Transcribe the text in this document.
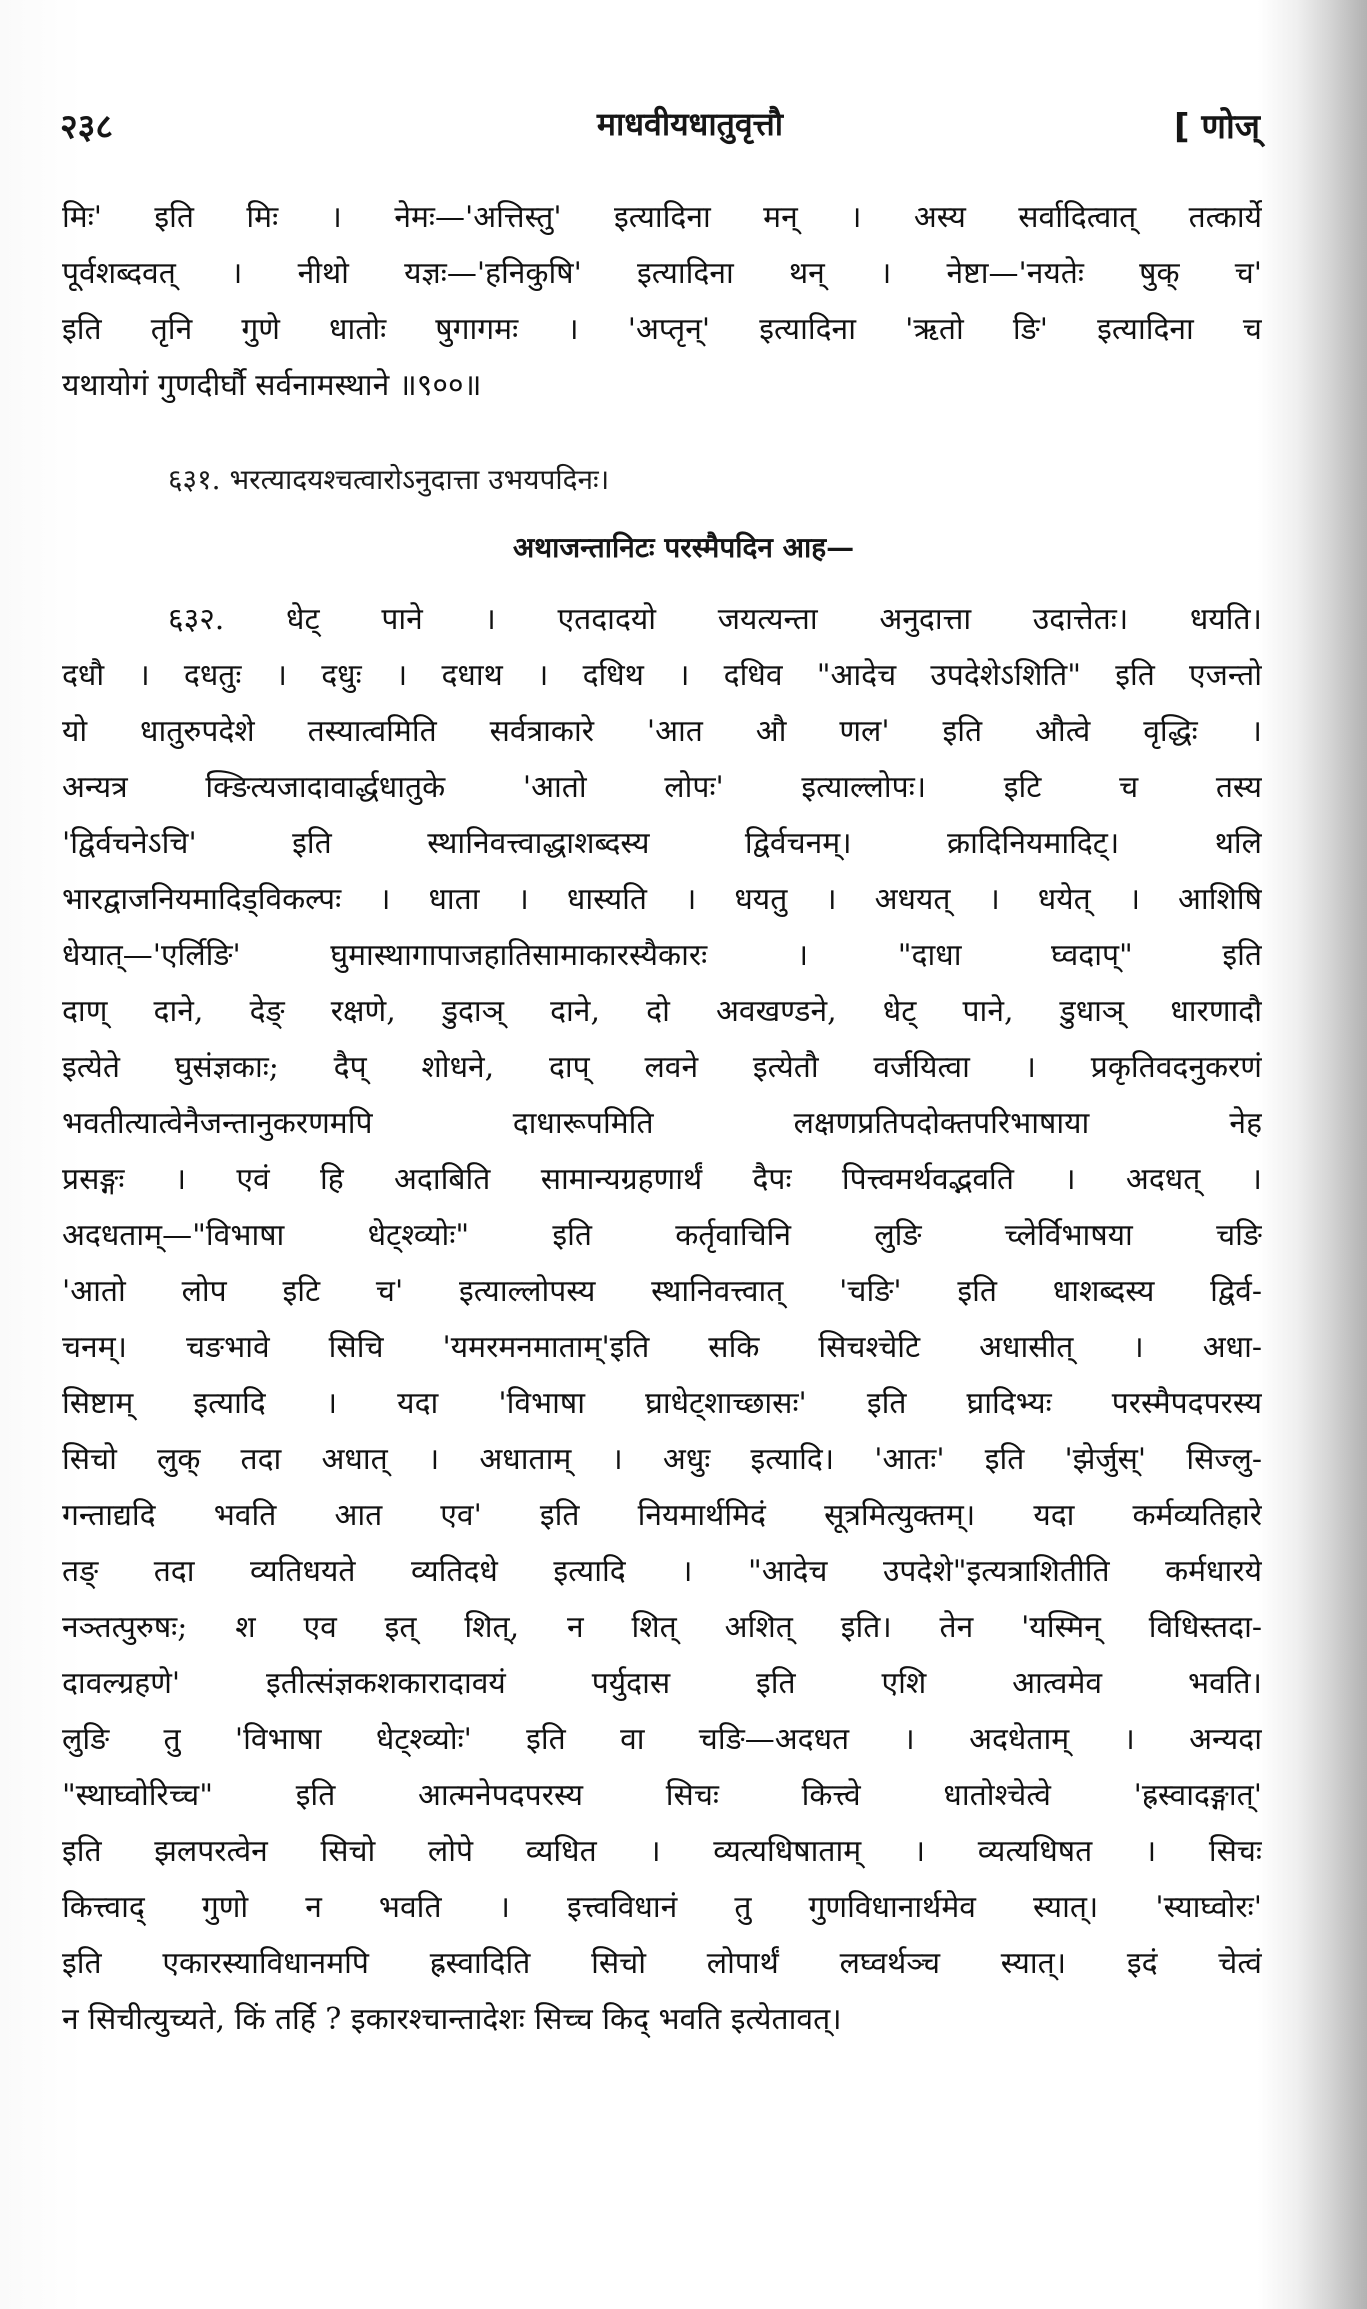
२३८	माधवीयधातुवृत्तौ	[ णोज्
मिः' इति मिः । नेमः—'अत्तिस्तु' इत्यादिना मन् । अस्य सर्वादित्वात् तत्कार्ये
पूर्वशब्दवत् । नीथो यज्ञः—'हनिकुषि' इत्यादिना थन् । नेष्टा—'नयतेः षुक् च'
इति तृनि गुणे धातोः षुगागमः । 'अप्तृन्' इत्यादिना 'ऋतो ङि' इत्यादिना च
यथायोगं गुणदीर्घौ सर्वनामस्थाने ॥९००॥
६३१. भरत्यादयश्चत्वारोऽनुदात्ता उभयपदिनः।
अथाजन्तानिटः परस्मैपदिन आह—
६३२. धेट् पाने । एतदादयो जयत्यन्ता अनुदात्ता उदात्तेतः। धयति।
दधौ । दधतुः । दधुः । दधाथ । दधिथ । दधिव "आदेच उपदेशेऽशिति" इति एजन्तो
यो धातुरुपदेशे तस्यात्वमिति सर्वत्राकारे 'आत औ णल' इति औत्वे वृद्धिः ।
अन्यत्र क्ङित्यजादावार्द्धधातुके 'आतो लोपः' इत्याल्लोपः। इटि च तस्य
'द्विर्वचनेऽचि' इति स्थानिवत्त्वाद्धाशब्दस्य द्विर्वचनम्। क्रादिनियमादिट्। थलि
भारद्वाजनियमादिड्विकल्पः । धाता । धास्यति । धयतु । अधयत् । धयेत् । आशिषि
धेयात्—'एर्लिङि' घुमास्थागापाजहातिसामाकारस्यैकारः । "दाधा घ्वदाप्" इति
दाण् दाने, देङ् रक्षणे, डुदाञ् दाने, दो अवखण्डने, धेट् पाने, डुधाञ् धारणादौ
इत्येते घुसंज्ञकाः; दैप् शोधने, दाप् लवने इत्येतौ वर्जयित्वा । प्रकृतिवदनुकरणं
भवतीत्यात्वेनैजन्तानुकरणमपि दाधारूपमिति लक्षणप्रतिपदोक्तपरिभाषाया नेह
प्रसङ्गः । एवं हि अदाबिति सामान्यग्रहणार्थं दैपः पित्त्वमर्थवद्भवति । अदधत् ।
अदधताम्—"विभाषा धेट्श्व्योः" इति कर्तृवाचिनि लुङि च्लेर्विभाषया चङि
'आतो लोप इटि च' इत्याल्लोपस्य स्थानिवत्त्वात् 'चङि' इति धाशब्दस्य द्विर्व-
चनम्। चङभावे सिचि 'यमरमनमाताम्'इति सकि सिचश्चेटि अधासीत् । अधा-
सिष्टाम् इत्यादि । यदा 'विभाषा घ्राधेट्शाच्छासः' इति घ्रादिभ्यः परस्मैपदपरस्य
सिचो लुक् तदा अधात् । अधाताम् । अधुः इत्यादि। 'आतः' इति 'झेर्जुस्' सिज्लु-
गन्ताद्यदि भवति आत एव' इति नियमार्थमिदं सूत्रमित्युक्तम्। यदा कर्मव्यतिहारे
तङ् तदा व्यतिधयते व्यतिदधे इत्यादि । "आदेच उपदेशे"इत्यत्राशितीति कर्मधारये
नञ्तत्पुरुषः; श एव इत् शित्, न शित् अशित् इति। तेन 'यस्मिन् विधिस्तदा-
दावल्ग्रहणे' इतीत्संज्ञकशकारादावयं पर्युदास इति एशि आत्वमेव भवति।
लुङि तु 'विभाषा धेट्श्व्योः' इति वा चङि—अदधत । अदधेताम् । अन्यदा
"स्थाघ्वोरिच्च" इति आत्मनेपदपरस्य सिचः कित्त्वे धातोश्चेत्वे 'ह्रस्वादङ्गात्'
इति झलपरत्वेन सिचो लोपे व्यधित । व्यत्यधिषाताम् । व्यत्यधिषत । सिचः
कित्त्वाद् गुणो न भवति । इत्त्वविधानं तु गुणविधानार्थमेव स्यात्। 'स्याघ्वोरः'
इति एकारस्याविधानमपि ह्रस्वादिति सिचो लोपार्थं लघ्वर्थञ्च स्यात्। इदं चेत्वं
न सिचीत्युच्यते, किं तर्हि ? इकारश्चान्तादेशः सिच्च किद् भवति इत्येतावत्।
